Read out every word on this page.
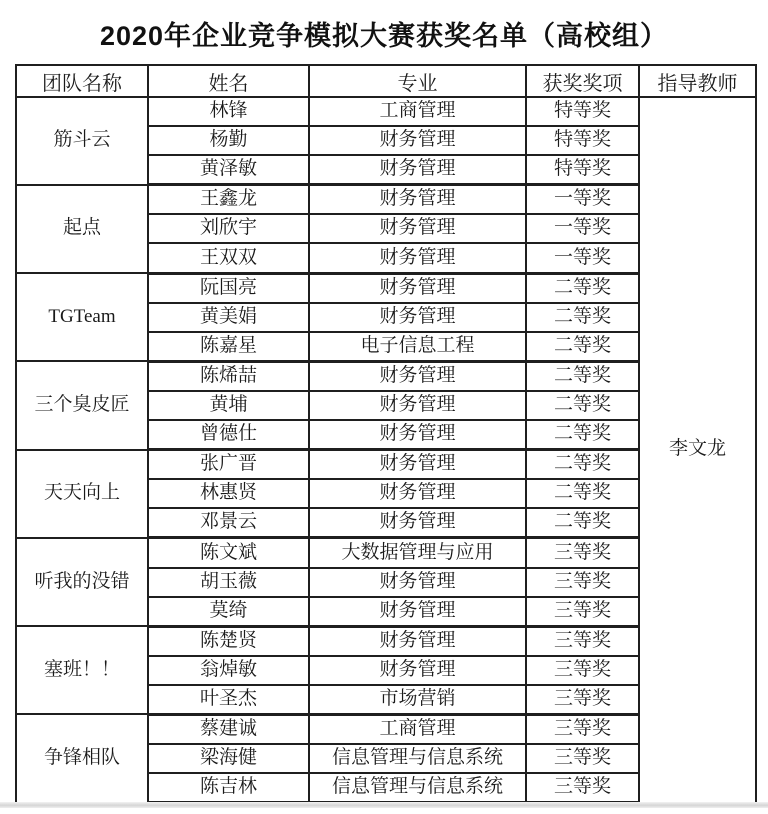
2020年企业竞争模拟大赛获奖名单（高校组）
团队名称	姓名	专业	获奖奖项	指导教师
筋斗云	林锋	工商管理	特等奖	李文龙
	杨勤	财务管理	特等奖	
	黄泽敏	财务管理	特等奖	
起点	王鑫龙	财务管理	一等奖	
	刘欣宇	财务管理	一等奖	
	王双双	财务管理	一等奖	
TGTeam	阮国亮	财务管理	二等奖	
	黄美娟	财务管理	二等奖	
	陈嘉星	电子信息工程	二等奖	
三个臭皮匠	陈烯喆	财务管理	二等奖	
	黄埔	财务管理	二等奖	
	曾德仕	财务管理	二等奖	
天天向上	张广晋	财务管理	二等奖	
	林惠贤	财务管理	二等奖	
	邓景云	财务管理	二等奖	
听我的没错	陈文斌	大数据管理与应用	三等奖	
	胡玉薇	财务管理	三等奖	
	莫绮	财务管理	三等奖	
塞班！！	陈楚贤	财务管理	三等奖	
	翁焯敏	财务管理	三等奖	
	叶圣杰	市场营销	三等奖	
争锋相队	蔡建诚	工商管理	三等奖	
	梁海健	信息管理与信息系统	三等奖	
	陈吉林	信息管理与信息系统	三等奖	
